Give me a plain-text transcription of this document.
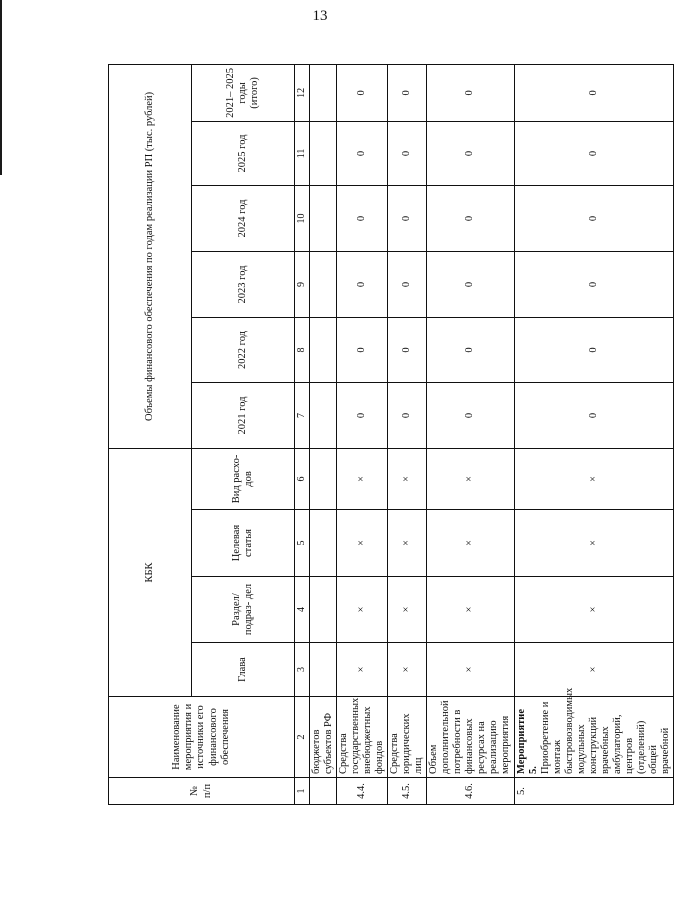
13
№ п/п	Наименование мероприятия и источники его финансового обеспечения	КБК				Объемы финансового обеспечения по годам реализации РП (тыс. рублей)					
		Глава	Раздел/ подраз- дел	Целевая статья	Вид расхо- дов	2021 год	2022 год	2023 год	2024 год	2025 год	2021– 2025 годы (итого)
1	2	3	4	5	6	7	8	9	10	11	12
	бюджетов субъектов РФ										
4.4.	Средства государственных внебюджетных фондов	×	×	×	×	0	0	0	0	0	0
4.5.	Средства юридических лиц	×	×	×	×	0	0	0	0	0	0
4.6.	Объем дополнительной потребности в финансовых ресурсах на реализацию мероприятия	×	×	×	×	0	0	0	0	0	0
5.	Мероприятие 5. Приобретение и монтаж быстровозводимых модульных конструкций врачебных амбулаторий, центров (отделений) общей врачебной	×	×	×	×	0	0	0	0	0	0
